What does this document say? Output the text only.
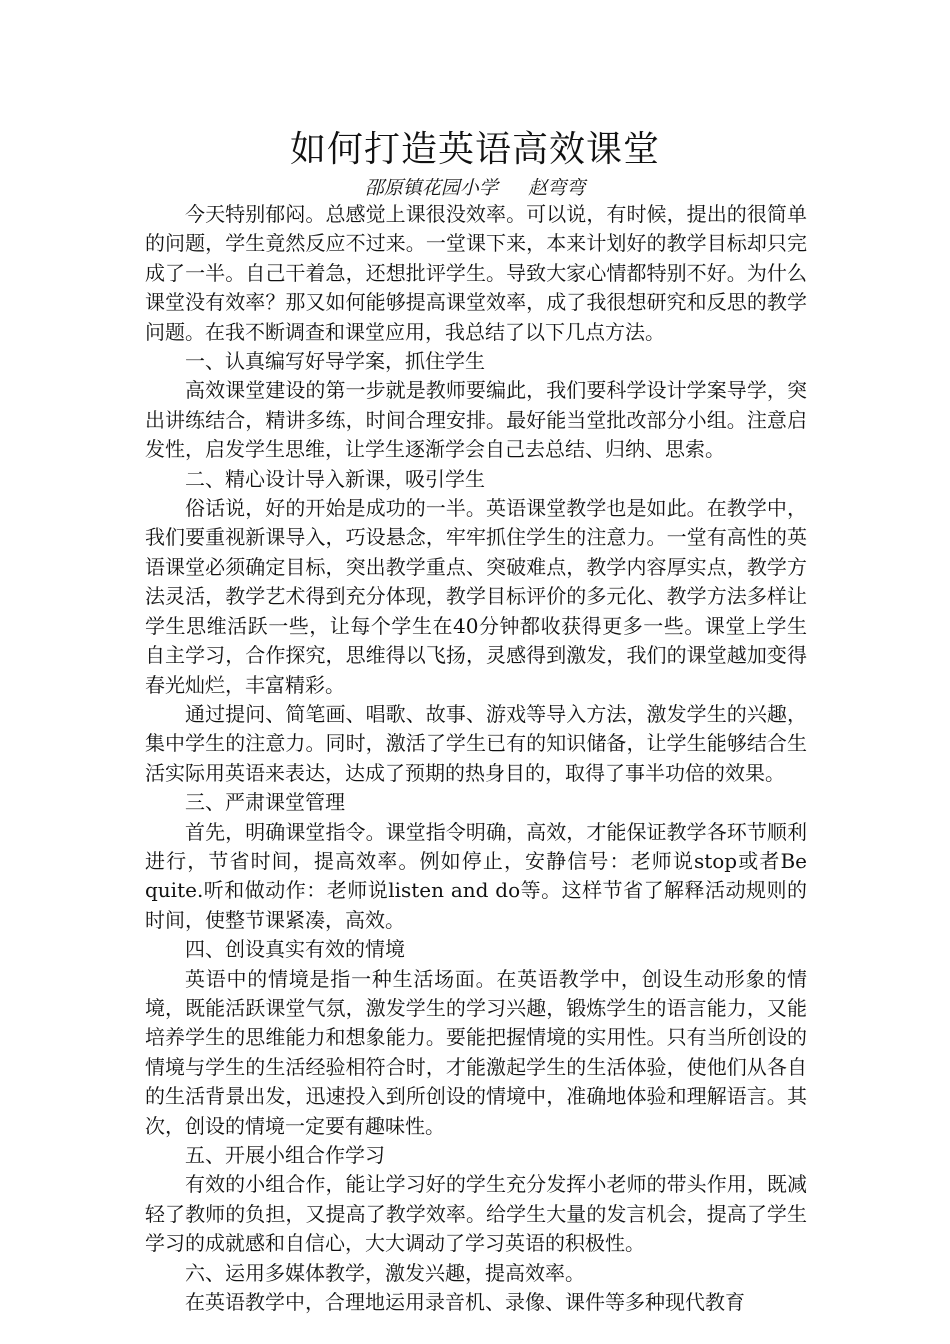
如何打造英语高效课堂
邵原镇花园小学     赵弯弯

今天特别郁闷。总感觉上课很没效率。可以说，有时候，提出的很简单的问题，学生竟然反应不过来。一堂课下来，本来计划好的教学目标却只完成了一半。自己干着急，还想批评学生。导致大家心情都特别不好。为什么课堂没有效率？那又如何能够提高课堂效率，成了我很想研究和反思的教学问题。在我不断调查和课堂应用，我总结了以下几点方法。

一、认真编写好导学案，抓住学生

高效课堂建设的第一步就是教师要编此，我们要科学设计学案导学，突出讲练结合，精讲多练，时间合理安排。最好能当堂批改部分小组。注意启发性，启发学生思维，让学生逐渐学会自己去总结、归纳、思索。

二、精心设计导入新课，吸引学生

俗话说，好的开始是成功的一半。英语课堂教学也是如此。在教学中，我们要重视新课导入，巧设悬念，牢牢抓住学生的注意力。一堂有高性的英语课堂必须确定目标，突出教学重点、突破难点，教学内容厚实点，教学方法灵活，教学艺术得到充分体现，教学目标评价的多元化、教学方法多样让学生思维活跃一些，让每个学生在40分钟都收获得更多一些。课堂上学生自主学习，合作探究，思维得以飞扬，灵感得到激发，我们的课堂越加变得春光灿烂，丰富精彩。

通过提问、简笔画、唱歌、故事、游戏等导入方法，激发学生的兴趣，集中学生的注意力。同时，激活了学生已有的知识储备，让学生能够结合生活实际用英语来表达，达成了预期的热身目的，取得了事半功倍的效果。

三、严肃课堂管理

首先，明确课堂指令。课堂指令明确，高效，才能保证教学各环节顺利进行，节省时间，提高效率。例如停止，安静信号：老师说stop或者Be quite.听和做动作：老师说listen and do等。这样节省了解释活动规则的时间，使整节课紧凑，高效。

四、创设真实有效的情境

英语中的情境是指一种生活场面。在英语教学中，创设生动形象的情境，既能活跃课堂气氛，激发学生的学习兴趣，锻炼学生的语言能力，又能培养学生的思维能力和想象能力。要能把握情境的实用性。只有当所创设的情境与学生的生活经验相符合时，才能激起学生的生活体验，使他们从各自的生活背景出发，迅速投入到所创设的情境中，准确地体验和理解语言。其次，创设的情境一定要有趣味性。

五、开展小组合作学习

有效的小组合作，能让学习好的学生充分发挥小老师的带头作用，既减轻了教师的负担，又提高了教学效率。给学生大量的发言机会，提高了学生学习的成就感和自信心，大大调动了学习英语的积极性。

六、运用多媒体教学，激发兴趣，提高效率。

在英语教学中，合理地运用录音机、录像、课件等多种现代教育
